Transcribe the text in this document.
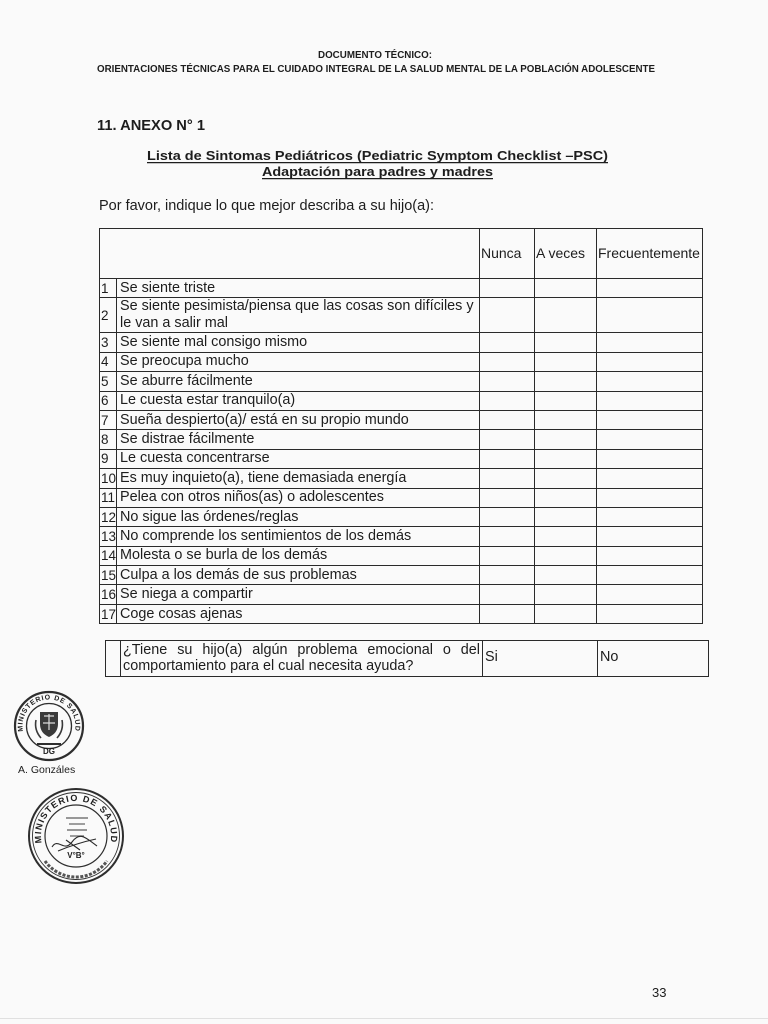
DOCUMENTO TÉCNICO:
ORIENTACIONES TÉCNICAS PARA EL CUIDADO INTEGRAL DE LA SALUD MENTAL DE LA POBLACIÓN ADOLESCENTE
11. ANEXO N° 1
Lista de Sintomas Pediátricos (Pediatric Symptom Checklist –PSC)
Adaptación para padres y madres
Por favor, indique lo que mejor describa a su hijo(a):
Nunca	A veces Frecuentemente
1 Se siente triste
2
Se siente pesimista/piensa que las cosas son difíciles y le van a salir mal
3 Se siente mal consigo mismo
4 Se preocupa mucho
5 Se aburre fácilmente
6 Le cuesta estar tranquilo(a)
7 Sueña despierto(a)/ está en su propio mundo
8 Se distrae fácilmente
9 Le cuesta concentrarse
10 Es muy inquieto(a), tiene demasiada energía
11 Pelea con otros niños(as) o adolescentes
12 No sigue las órdenes/reglas
13 No comprende los sentimientos de los demás
14 Molesta o se burla de los demás
15 Culpa a los demás de sus problemas
16 Se niega a compartir
17 Coge cosas ajenas
¿Tiene su hijo(a) algún problema emocional o del comportamiento para el cual necesita ayuda?
Si	No
MINISTERIO DE SALUD
DG
A. Gonzáles
MINISTERIO DE SALUD
V°B°
33
